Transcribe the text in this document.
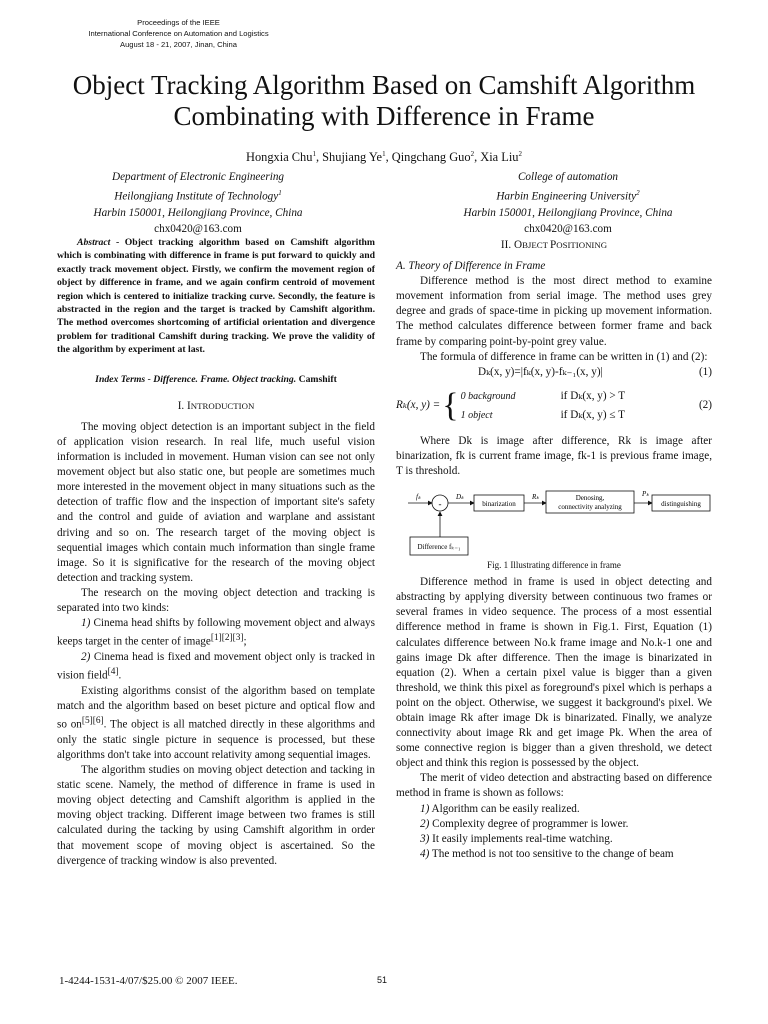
Proceedings of the IEEE
International Conference on Automation and Logistics
August 18 - 21, 2007, Jinan, China
Object Tracking Algorithm Based on Camshift Algorithm
Combinating with Difference in Frame
Hongxia Chu$^1$, Shujiang Ye$^1$, Qingchang Guo$^2$, Xia Liu$^2$
Department of Electronic Engineering
Heilongjiang Institute of Technology$^1$
Harbin 150001, Heilongjiang Province, China
chx0420@163.com
College of automation
Harbin Engineering University$^2$
Harbin 150001, Heilongjiang Province, China
chx0420@163.com

Abstract - Object tracking algorithm based on Camshift algorithm which is combinating with difference in frame is put forward to quickly and exactly track movement object. Firstly, we confirm the movement region of object by difference in frame, and we again confirm centroid of movement region which is centered to initialize tracking curve. Secondly, the feature is abstracted in the region and the target is tracked by Camshift algorithm. The method overcomes shortcoming of artificial orientation and divergence problem for traditional Camshift during tracking. We prove the validity of the algorithm by experiment at last.

Index Terms - Difference. Frame. Object tracking. Camshift

I. INTRODUCTION

The moving object detection is an important subject in the field of application vision research. In real life, much useful vision information is included in movement. Human vision can see not only movement object but also static one, but people are sometimes much more interested in the movement object in many situations such as the detection of traffic flow and the inspection of important site's safety and the control and guide of aviation and warplane and assistant driving and so on. The research target of the moving object is sequential images which contain much information than single frame image. So it is significative for the research of the moving object detection and tracking system.

The research on the moving object detection and tracking is separated into two kinds:

1) Cinema head shifts by following movement object and always keeps target in the center of image[1][2][3];

2) Cinema head is fixed and movement object only is tracked in vision field[4].

Existing algorithms consist of the algorithm based on template match and the algorithm based on beset picture and optical flow and so on[5][6]. The object is all matched directly in these algorithms and only the static single picture in sequence is processed, but these algorithms don't take into account relativity among sequential images.

The algorithm studies on moving object detection and tacking in static scene. Namely, the method of difference in frame is used in moving object detecting and Camshift algorithm is applied in the moving object tracking. Different image between two frames is still calculated during the tacking by using Camshift algorithm in order that movement scope of moving object is ascertained. So the divergence of tracking window is also prevented.

II. OBJECT POSITIONING

A. Theory of Difference in Frame

Difference method is the most direct method to examine movement information from serial image. The method uses grey degree and grads of space-time in picking up movement information. The method calculates difference between former frame and back frame by comparing point-by-point grey value.

The formula of difference in frame can be written in (1) and (2):

Dₖ(x, y)=|fₖ(x, y)-fₖ₋₁(x, y)|	(1)

Rₖ(x, y) = { 0 background	if Dₖ(x, y) > T
1 object	if Dₖ(x, y) ≤ T
(2)

Where Dk is image after difference, Rk is image after binarization, fk is current frame image, fk-1 is previous frame image, T is threshold.

fₖ
-
Dₖ
binarization
Rₖ	Denosing,
connectivity analyzing
Pₖ
distinguishing
Difference fₖ₋₁

Fig. 1 Illustrating difference in frame

Difference method in frame is used in object detecting and abstracting by applying diversity between continuous two frames or several frames in video sequence. The process of a most essential difference method in frame is shown in Fig.1. First, Equation (1) calculates difference between No.k frame image and No.k-1 one and gains image Dk after difference. Then the image is binarizated in equation (2). When a certain pixel value is bigger than a given threshold, we think this pixel as foreground's pixel which is perhaps a point on the object. Otherwise, we suggest it background's pixel. We obtain image Rk after image Dk is binarizated. Finally, we analyze connectivity about image Rk and get image Pk. When the area of some connective region is bigger than a given threshold, we detect object and think this region is possessed by the object.

The merit of video detection and abstracting based on difference method in frame is shown as follows:

1) Algorithm can be easily realized.

2) Complexity degree of programmer is lower.

3) It easily implements real-time watching.

4) The method is not too sensitive to the change of beam

1-4244-1531-4/07/$25.00 © 2007 IEEE.	51
